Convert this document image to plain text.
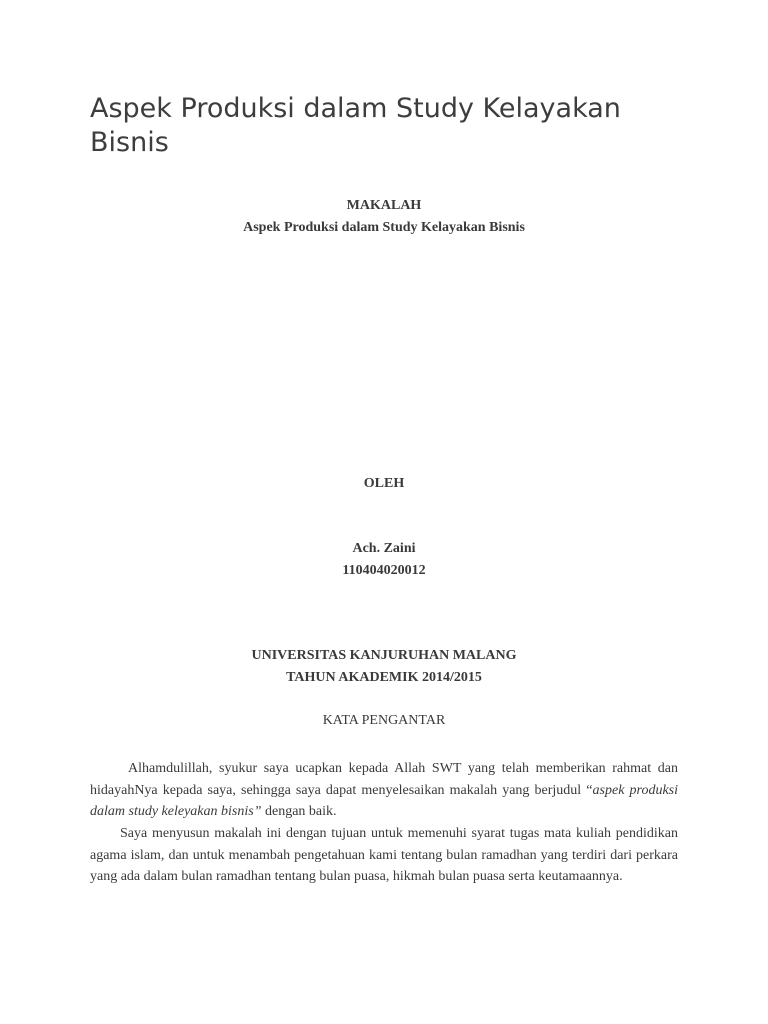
Aspek Produksi dalam Study Kelayakan Bisnis
MAKALAH
Aspek Produksi dalam Study Kelayakan Bisnis
OLEH
Ach. Zaini
110404020012
UNIVERSITAS KANJURUHAN MALANG
TAHUN AKADEMIK 2014/2015
KATA PENGANTAR

Alhamdulillah, syukur saya ucapkan kepada Allah SWT yang telah memberikan rahmat dan hidayahNya kepada saya, sehingga saya dapat menyelesaikan makalah yang berjudul “aspek produksi dalam study keleyakan bisnis” dengan baik.

Saya menyusun makalah ini dengan tujuan untuk memenuhi syarat tugas mata kuliah pendidikan agama islam, dan untuk menambah pengetahuan kami tentang bulan ramadhan yang terdiri dari perkara yang ada dalam bulan ramadhan tentang bulan puasa, hikmah bulan puasa serta keutamaannya.
